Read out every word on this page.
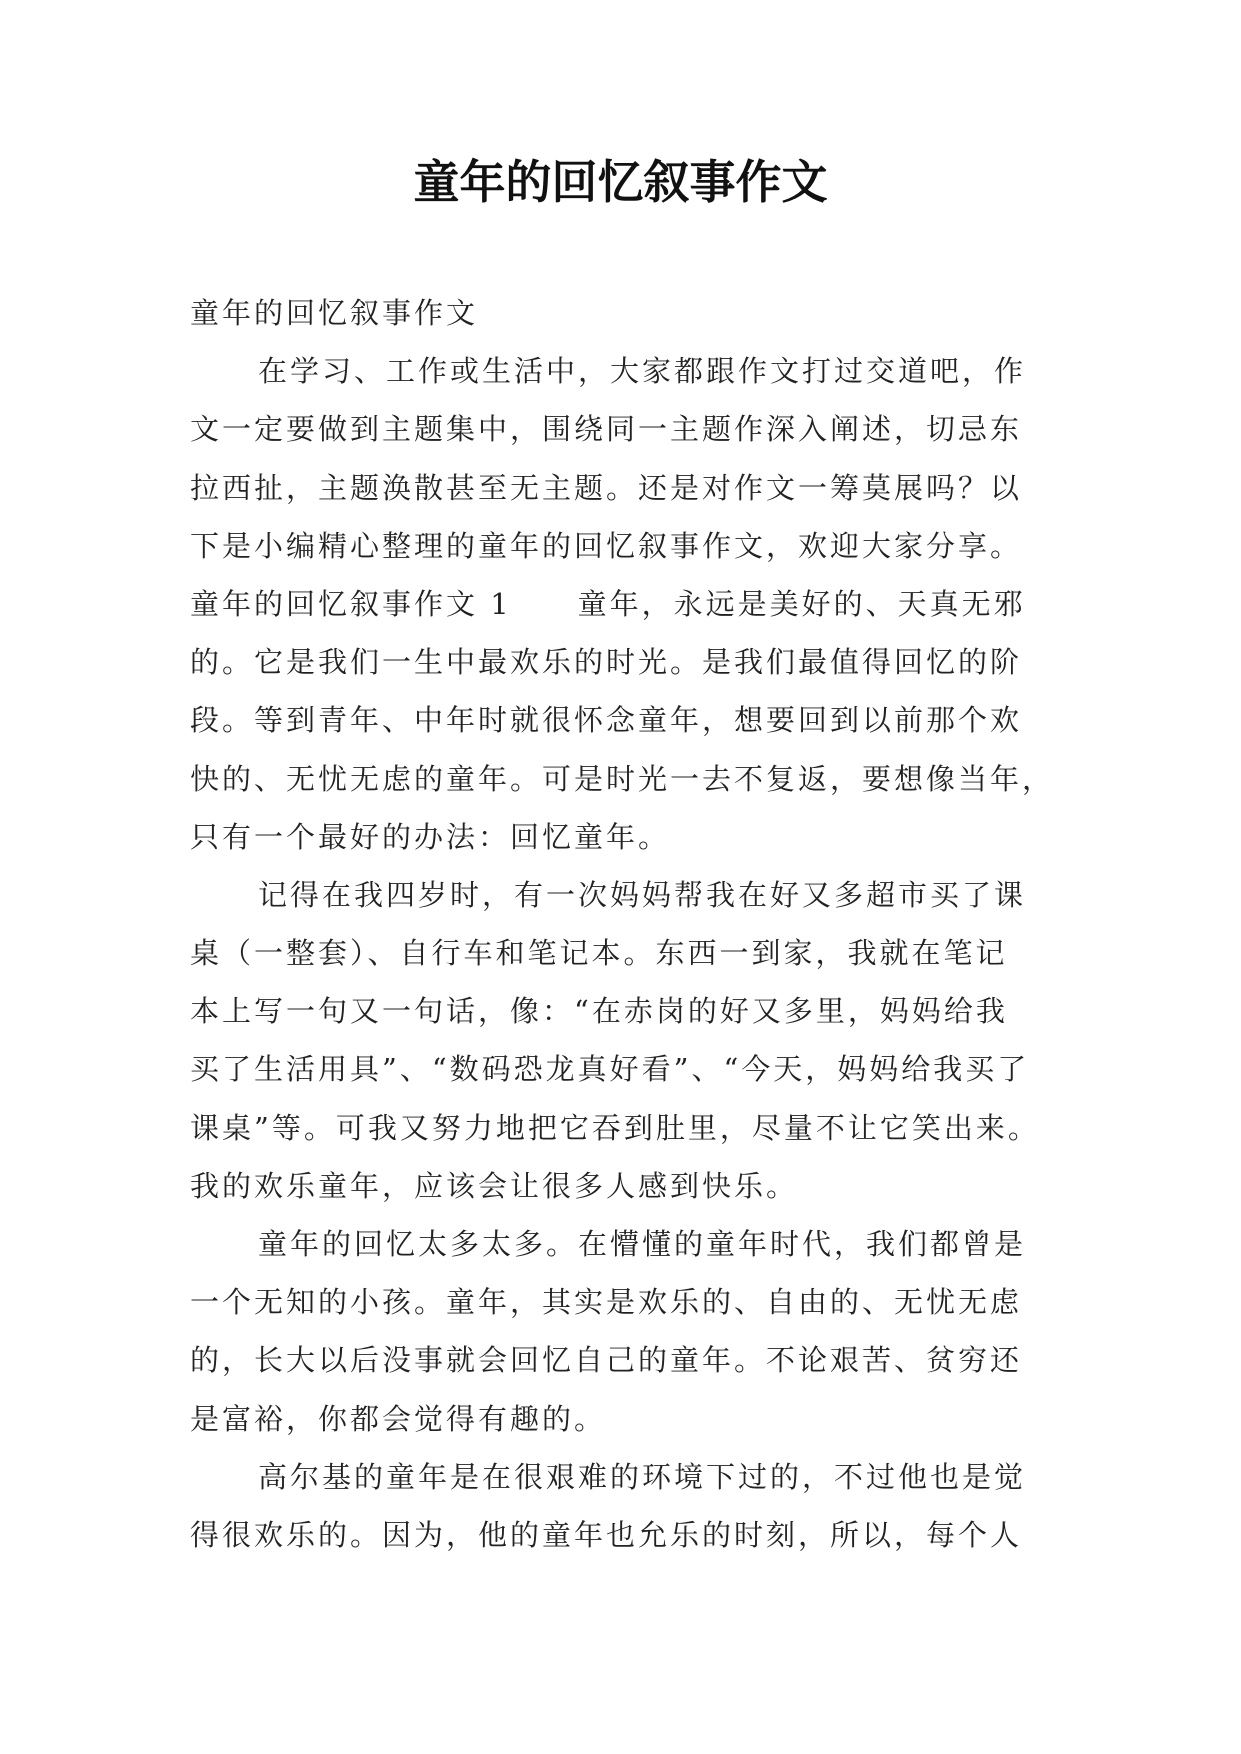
童年的回忆叙事作文
童年的回忆叙事作文
在学习、工作或生活中，大家都跟作文打过交道吧，作
文一定要做到主题集中，围绕同一主题作深入阐述，切忌东
拉西扯，主题涣散甚至无主题。还是对作文一筹莫展吗？以
下是小编精心整理的童年的回忆叙事作文，欢迎大家分享。
童年的回忆叙事作文 1 童年，永远是美好的、天真无邪
的。它是我们一生中最欢乐的时光。是我们最值得回忆的阶
段。等到青年、中年时就很怀念童年，想要回到以前那个欢
快的、无忧无虑的童年。可是时光一去不复返，要想像当年，
只有一个最好的办法：回忆童年。
记得在我四岁时，有一次妈妈帮我在好又多超市买了课
桌（一整套）、自行车和笔记本。东西一到家，我就在笔记
本上写一句又一句话，像：“在赤岗的好又多里，妈妈给我
买了生活用具”、“数码恐龙真好看”、“今天，妈妈给我买了
课桌”等。可我又努力地把它吞到肚里，尽量不让它笑出来。
我的欢乐童年，应该会让很多人感到快乐。
童年的回忆太多太多。在懵懂的童年时代，我们都曾是
一个无知的小孩。童年，其实是欢乐的、自由的、无忧无虑
的，长大以后没事就会回忆自己的童年。不论艰苦、贫穷还
是富裕，你都会觉得有趣的。
高尔基的童年是在很艰难的环境下过的，不过他也是觉
得很欢乐的。因为，他的童年也允乐的时刻，所以，每个人
